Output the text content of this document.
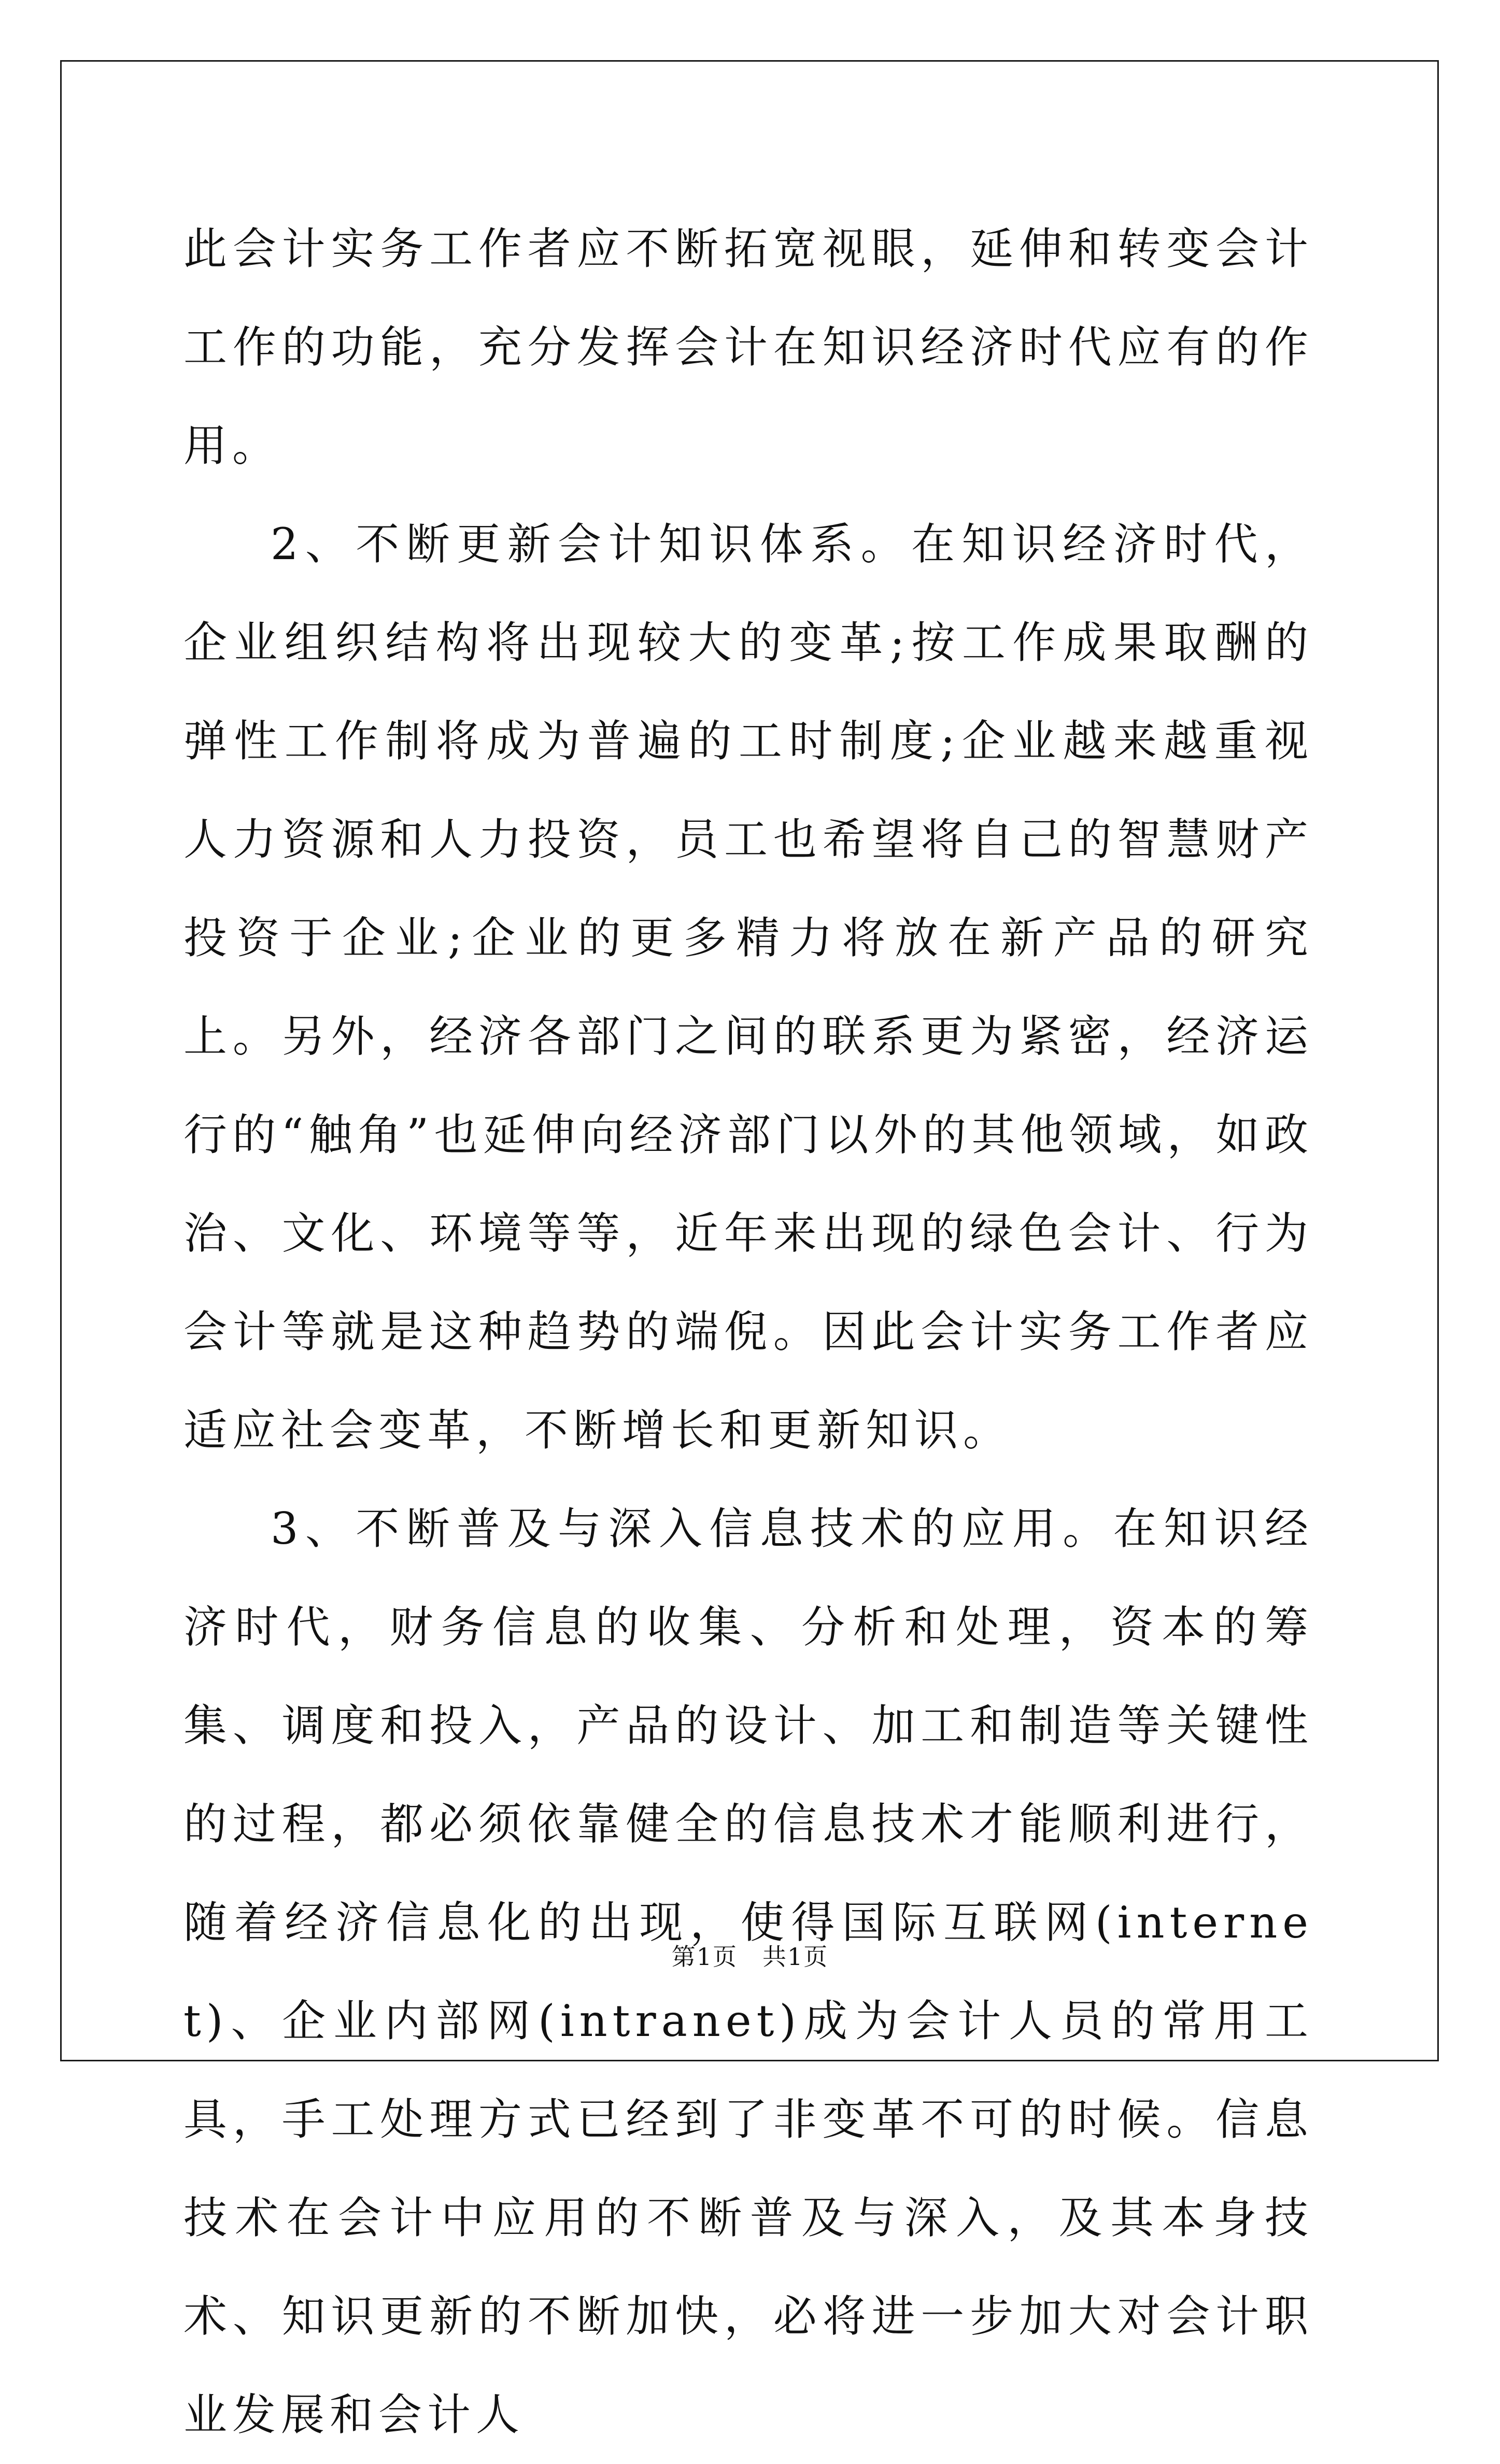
此会计实务工作者应不断拓宽视眼，延伸和转变会计工作的功能，充分发挥会计在知识经济时代应有的作用。

2、不断更新会计知识体系。在知识经济时代，企业组织结构将出现较大的变革;按工作成果取酬的弹性工作制将成为普遍的工时制度;企业越来越重视人力资源和人力投资，员工也希望将自己的智慧财产投资于企业;企业的更多精力将放在新产品的研究上。另外，经济各部门之间的联系更为紧密，经济运行的“触角”也延伸向经济部门以外的其他领域，如政治、文化、环境等等，近年来出现的绿色会计、行为会计等就是这种趋势的端倪。因此会计实务工作者应适应社会变革，不断增长和更新知识。

3、不断普及与深入信息技术的应用。在知识经济时代，财务信息的收集、分析和处理，资本的筹集、调度和投入，产品的设计、加工和制造等关键性的过程，都必须依靠健全的信息技术才能顺利进行，随着经济信息化的出现，使得国际互联网(internet)、企业内部网(intranet)成为会计人员的常用工具，手工处理方式已经到了非变革不可的时候。信息技术在会计中应用的不断普及与深入，及其本身技术、知识更新的不断加快，必将进一步加大对会计职业发展和会计人

第1页 共1页
